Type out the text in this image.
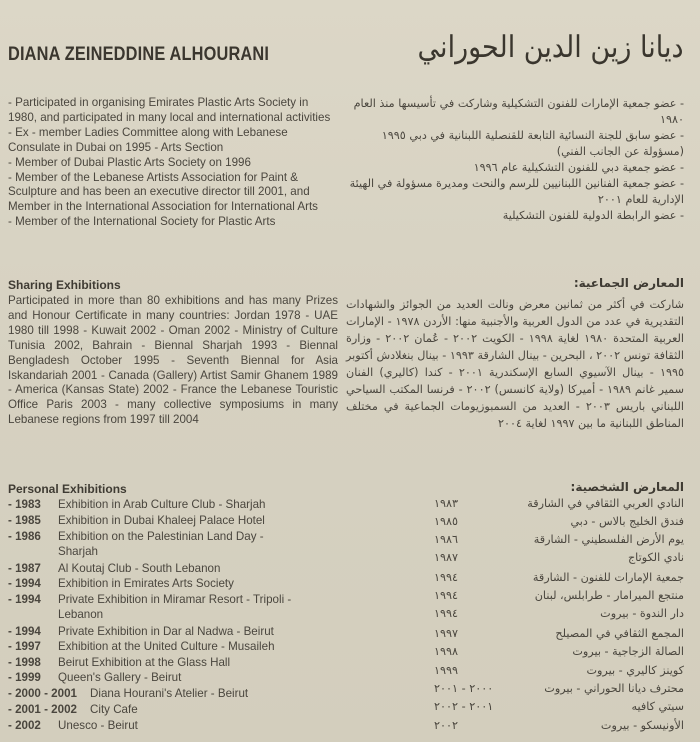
DIANA ZEINEDDINE ALHOURANI	ديانا زين الدين الحوراني

- Participated in organising Emirates Plastic Arts Society in 1980, and participated in many local and international activities

- Ex - member Ladies Committee along with Lebanese Consulate in Dubai on 1995 - Arts Section

- Member of Dubai Plastic Arts Society on 1996

- Member of the Lebanese Artists Association for Paint & Sculpture and has been an executive director till 2001, and Member in the International Association for International Arts

- Member of the International Society for Plastic Arts

Sharing Exhibitions
Participated in more than 80 exhibitions and has many Prizes and Honour Certificate in many countries: Jordan 1978 - UAE 1980 till 1998 - Kuwait 2002 - Oman 2002 - Ministry of Culture Tunisia 2002, Bahrain - Biennal Sharjah 1993 - Biennal Bengladesh October 1995 - Seventh Biennal for Asia Iskandariah 2001 - Canada (Gallery) Artist Samir Ghanem 1989 - America (Kansas State) 2002 - France the Lebanese Touristic Office Paris 2003 - many collective symposiums in many Lebanese regions from 1997 till 2004
Personal Exhibitions
- 1983 Exhibition in Arab Culture Club - Sharjah
- 1985 Exhibition in Dubai Khaleej Palace Hotel
- 1986 Exhibition on the Palestinian Land Day -
Sharjah
- 1987 Al Koutaj Club - South Lebanon
- 1994 Exhibition in Emirates Arts Society
- 1994 Private Exhibition in Miramar Resort - Tripoli -
Lebanon
- 1994 Private Exhibition in Dar al Nadwa - Beirut
- 1997 Exhibition at the United Culture - Musaileh
- 1998 Beirut Exhibition at the Glass Hall
- 1999 Queen's Gallery - Beirut
- 2000 - 2001 Diana Hourani's Atelier - Beirut
- 2001 - 2002 City Cafe
- 2002 Unesco - Beirut
- عضو جمعية الإمارات للفنون التشكيلية وشاركت في تأسيسها منذ العام ١٩٨٠
- عضو سابق للجنة النسائية التابعة للقنصلية اللبنانية في دبي ١٩٩٥ (مسؤولة عن الجانب الفني)
- عضو جمعية دبي للفنون التشكيلية عام ١٩٩٦
- عضو جمعية الفنانين اللبنانيين للرسم والنحت ومديرة مسؤولة في الهيئة الإدارية للعام ٢٠٠١
- عضو الرابطة الدولية للفنون التشكيلية
المعارض الجماعية:
شاركت في أكثر من ثمانين معرض ونالت العديد من الجوائز والشهادات التقديرية في عدد من الدول العربية والأجنبية منها: الأردن ١٩٧٨ - الإمارات العربية المتحدة ١٩٨٠ لغاية ١٩٩٨ - الكويت ٢٠٠٢ - عُمان ٢٠٠٢ - وزارة الثقافة تونس ٢٠٠٢ ، البحرين - بينال الشارقة ١٩٩٣ - بينال بنغلادش أكتوبر ١٩٩٥ - بينال الآسيوي السابع الإسكندرية ٢٠٠١ - كندا (كاليري) الفنان سمير غانم ١٩٨٩ - أميركا (ولاية كانسس) ٢٠٠٢ - فرنسا المكتب السياحي اللبناني باريس ٢٠٠٣ - العديد من السمبوزيومات الجماعية في مختلف المناطق اللبنانية ما بين ١٩٩٧ لغاية ٢٠٠٤
المعارض الشخصية:
النادي العربي الثقافي في الشارقة
١٩٨٣
فندق الخليج بالاس - دبي
١٩٨٥
يوم الأرض الفلسطيني - الشارقة
١٩٨٦
نادي الكوتاج
١٩٨٧
جمعية الإمارات للفنون - الشارقة
١٩٩٤
منتجع الميرامار - طرابلس، لبنان
١٩٩٤
دار الندوة - بيروت
١٩٩٤
المجمع الثقافي في المصيلح
١٩٩٧
الصالة الزجاجية - بيروت
١٩٩٨
كوينز كاليري - بيروت
١٩٩٩
محترف ديانا الحوراني - بيروت
٢٠٠٠ - ٢٠٠١
سيتي كافيه
٢٠٠١ - ٢٠٠٢
الأونيسكو - بيروت
٢٠٠٢
